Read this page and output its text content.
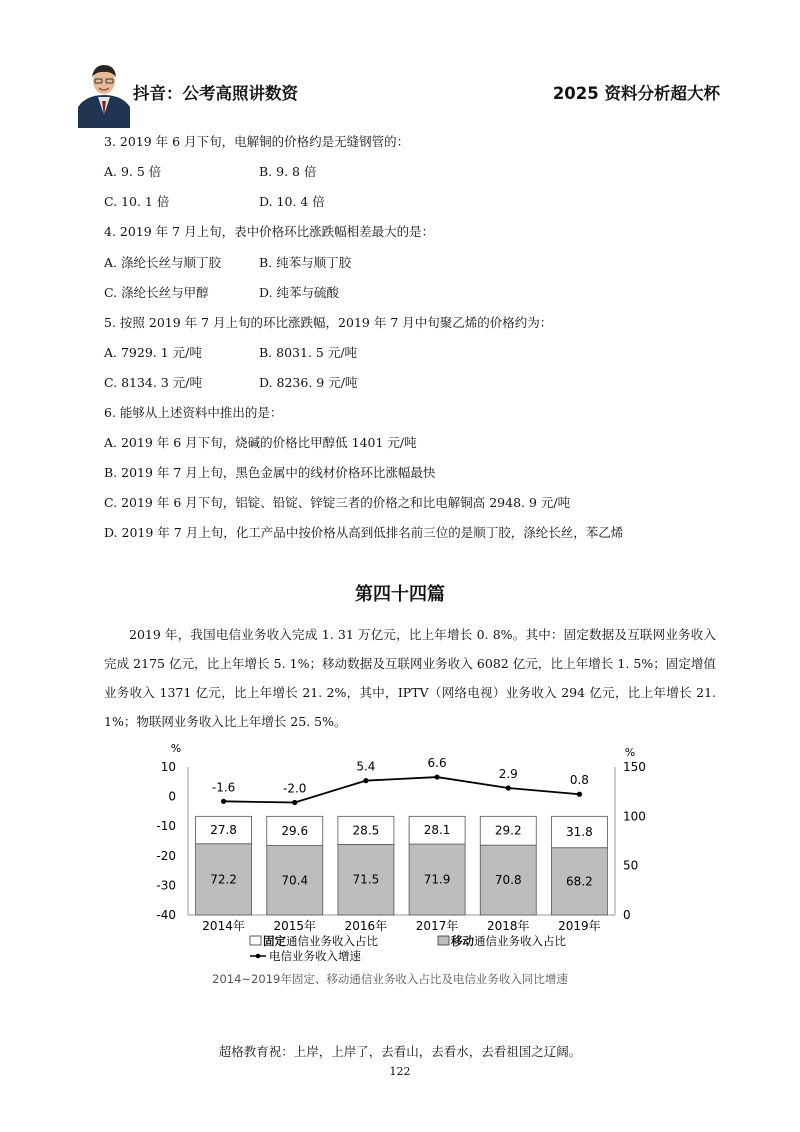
抖音：公考高照讲数资	2025 资料分析超大杯
3. 2019 年 6 月下旬，电解铜的价格约是无缝钢管的：
A. 9. 5 倍	B. 9. 8 倍
C. 10. 1 倍	D. 10. 4 倍
4. 2019 年 7 月上旬，表中价格环比涨跌幅相差最大的是：
A. 涤纶长丝与顺丁胶	B. 纯苯与顺丁胶
C. 涤纶长丝与甲醇	D. 纯苯与硫酸
5. 按照 2019 年 7 月上旬的环比涨跌幅，2019 年 7 月中旬聚乙烯的价格约为：
A. 7929. 1 元/吨	B. 8031. 5 元/吨
C. 8134. 3 元/吨	D. 8236. 9 元/吨
6. 能够从上述资料中推出的是：
A. 2019 年 6 月下旬，烧碱的价格比甲醇低 1401 元/吨
B. 2019 年 7 月上旬，黑色金属中的线材价格环比涨幅最快
C. 2019 年 6 月下旬，铝锭、铅锭、锌锭三者的价格之和比电解铜高 2948. 9 元/吨
D. 2019 年 7 月上旬，化工产品中按价格从高到低排名前三位的是顺丁胶，涤纶长丝，苯乙烯
第四十四篇
2019 年，我国电信业务收入完成 1. 31 万亿元，比上年增长 0. 8%。其中：固定数据及互联网业务收入完成 2175 亿元，比上年增长 5. 1%；移动数据及互联网业务收入 6082 亿元，比上年增长 1. 5%；固定增值业务收入 1371 亿元，比上年增长 21. 2%，其中，IPTV（网络电视）业务收入 294 亿元，比上年增长 21. 1%；物联网业务收入比上年增长 25. 5%。
10
0
-10
-20
-30
-40
150
100
50
0
27.8
72.2
2014年
29.6
70.4
2015年
28.5
71.5
2016年
28.1
71.9
2017年
29.2
70.8
2018年
31.8
68.2
2019年
-1.6	-2.0
5.4	6.6
2.9	0.8
%	%
2014~2019年固定、移动通信业务收入占比及电信业务收入同比增速
固定通信业务收入占比	移动通信业务收入占比
电信业务收入增速
超格教育祝：上岸，上岸了，去看山，去看水，去看祖国之辽阔。
122
